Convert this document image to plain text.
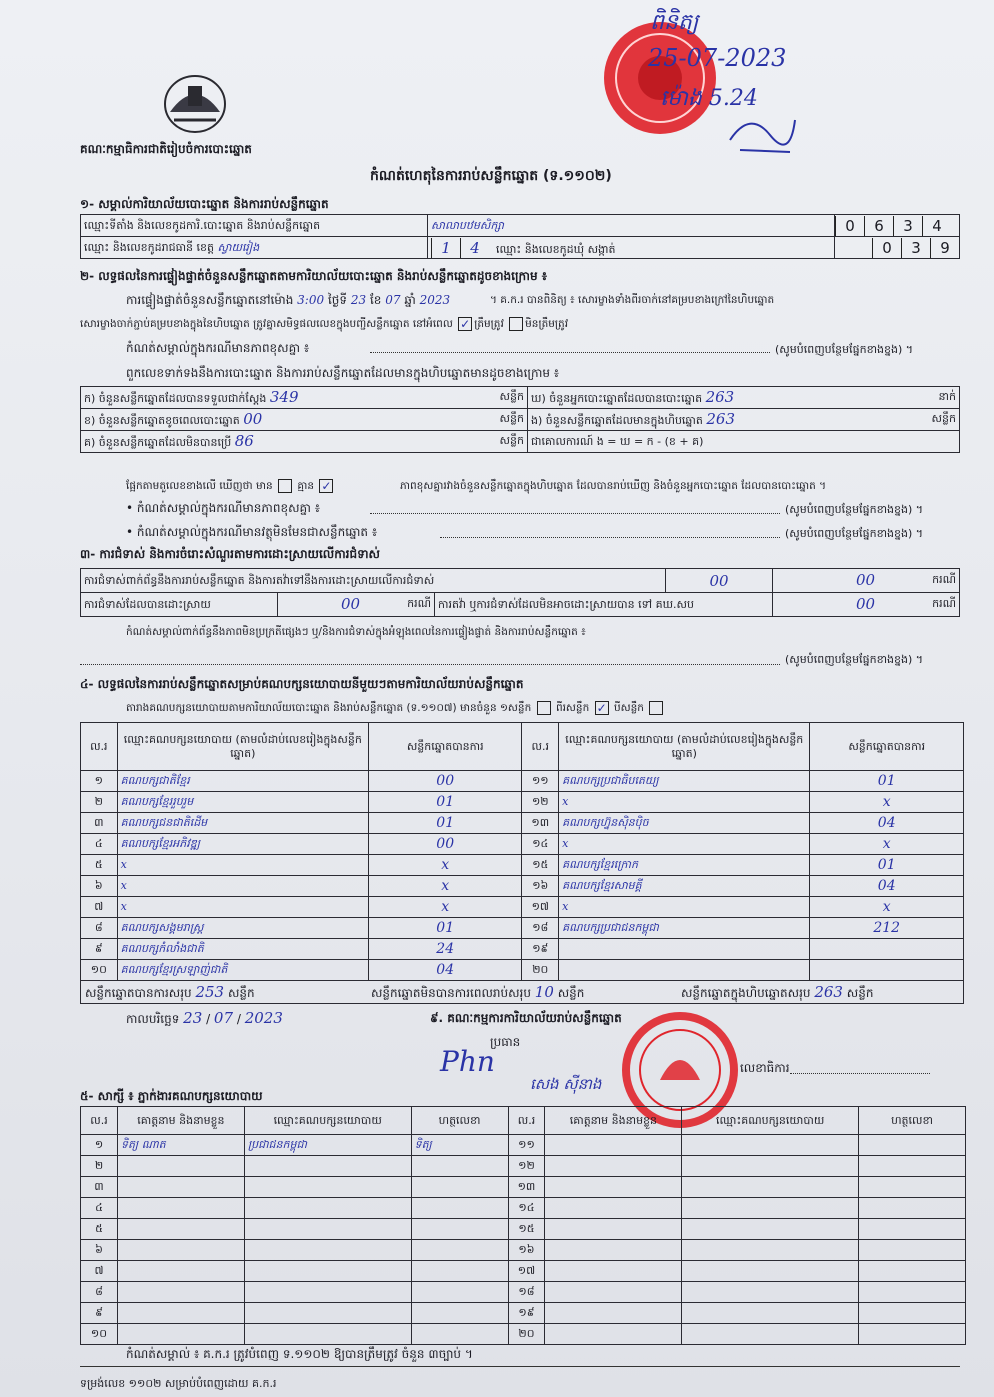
គណៈកម្មាធិការជាតិរៀបចំការបោះឆ្នោត
ពិនិត្យ
25-07-2023
ម៉ោង 5.24
កំណត់ហេតុនៃការរាប់សន្លឹកឆ្នោត (ទ.១១០២)
១- សម្គាល់ការិយាល័យបោះឆ្នោត និងការរាប់សន្លឹកឆ្នោត
ឈ្មោះទីតាំង និងលេខកូដការិ.បោះឆ្នោត និងរាប់សន្លឹកឆ្នោត	សាលាបឋមសិក្សា	0 6 3 4
ឈ្មោះ និងលេខកូដរាជធានី ខេត្ត ស្វាយរៀង	1 4 ឈ្មោះ និងលេខកូដឃុំ សង្កាត់	0 3 9
២- លទ្ធផលនៃការផ្ទៀងផ្ទាត់ចំនួនសន្លឹកឆ្នោតតាមការិយាល័យបោះឆ្នោត និងរាប់សន្លឹកឆ្នោតដូចខាងក្រោម ៖
ការផ្ទៀងផ្ទាត់ចំនួនសន្លឹកឆ្នោតនៅម៉ោង 3:00 ថ្ងៃទី 23 ខែ 07 ឆ្នាំ 2023	។ គ.ក.រ បានពិនិត្យ ៖ សោរម្ខាងទាំងពីរចាក់នៅគម្របខាងក្រៅនៃហិបឆ្នោត
សោរម្ខាងចាក់ភ្ជាប់គម្របខាងក្នុងនៃហិបឆ្នោត ត្រូវគ្នាសមិទ្ធផលលេខក្នុងបញ្ជីសន្លឹកឆ្នោត នៅអំពេល ✓ ត្រឹមត្រូវ មិនត្រឹមត្រូវ
កំណត់សម្គាល់ក្នុងករណីមានភាពខុសគ្នា ៖	(សូមបំពេញបន្ថែមផ្នែកខាងខ្នង) ។
ពួកលេខទាក់ទងនឹងការបោះឆ្នោត និងការរាប់សន្លឹកឆ្នោតដែលមានក្នុងហិបឆ្នោតមានដូចខាងក្រោម ៖
ក) ចំនួនសន្លឹកឆ្នោតដែលបានទទួលជាក់ស្តែង 349 សន្លឹក	ឃ) ចំនួនអ្នកបោះឆ្នោតដែលបានបោះឆ្នោត 263 នាក់

ខ) ចំនួនសន្លឹកឆ្នោតខូចពេលបោះឆ្នោត 00 សន្លឹក	ង) ចំនួនសន្លឹកឆ្នោតដែលមានក្នុងហិបឆ្នោត 263 សន្លឹក

គ) ចំនួនសន្លឹកឆ្នោតដែលមិនបានប្រើ 86 សន្លឹក	ជាគោលការណ៍ ង = ឃ = ក - (ខ + គ)
ផ្អែកតាមតួលេខខាងលើ ឃើញថា មាន គ្មាន ✓	ភាពខុសគ្នារវាងចំនួនសន្លឹកឆ្នោតក្នុងហិបឆ្នោត ដែលបានរាប់ឃើញ និងចំនួនអ្នកបោះឆ្នោត ដែលបានបោះឆ្នោត ។
• កំណត់សម្គាល់ក្នុងករណីមានភាពខុសគ្នា ៖	(សូមបំពេញបន្ថែមផ្នែកខាងខ្នង) ។
• កំណត់សម្គាល់ក្នុងករណីមានវត្ថុមិនមែនជាសន្លឹកឆ្នោត ៖	(សូមបំពេញបន្ថែមផ្នែកខាងខ្នង) ។
៣- ការជំទាស់ និងការចំរោះសំណួរតាមការដោះស្រាយលើការជំទាស់
ការជំទាស់ពាក់ព័ន្ធនឹងការរាប់សន្លឹកឆ្នោត និងការតវ៉ាទៅនឹងការដោះស្រាយលើការជំទាស់			00	00 ករណី

ការជំទាស់ដែលបានដោះស្រាយ	00 ករណី	ការតវ៉ា ឬការជំទាស់ដែលមិនអាចដោះស្រាយបាន ទៅ គឃ.សប		00 ករណី
កំណត់សម្គាល់ពាក់ព័ន្ធនឹងភាពមិនប្រក្រតីផ្សេងៗ ឬ/និងការជំទាស់ក្នុងអំឡុងពេលនៃការផ្ទៀងផ្ទាត់ និងការរាប់សន្លឹកឆ្នោត ៖
(សូមបំពេញបន្ថែមផ្នែកខាងខ្នង) ។
៤- លទ្ធផលនៃការរាប់សន្លឹកឆ្នោតសម្រាប់គណបក្សនយោបាយនីមួយៗតាមការិយាល័យរាប់សន្លឹកឆ្នោត
តារាងគណបក្សនយោបាយតាមការិយាល័យបោះឆ្នោត និងរាប់សន្លឹកឆ្នោត (ទ.១១០៧) មានចំនួន ១សន្លឹក ពីរសន្លឹក ✓ បីសន្លឹក
ល.រ	ឈ្មោះគណបក្សនយោបាយ (តាមលំដាប់លេខរៀងក្នុងសន្លឹកឆ្នោត)	សន្លឹកឆ្នោតបានការ	ល.រ	ឈ្មោះគណបក្សនយោបាយ (តាមលំដាប់លេខរៀងក្នុងសន្លឹកឆ្នោត)	សន្លឹកឆ្នោតបានការ
១	គណបក្សជាតិខ្មែរ	00	១១	គណបក្សប្រជាធិបតេយ្យ	01
២	គណបក្សខ្មែររួបរួម	01	១២	x	x
៣	គណបក្សជនជាតិដើម	01	១៣	គណបក្សហ្វ៊ុនស៊ិនប៉ិច	04
៤	គណបក្សខ្មែរអភិវឌ្ឍ	00	១៤	x	x
៥	x	x	១៥	គណបក្សខ្មែរក្រោក	01
៦	x	x	១៦	គណបក្សខ្មែរសាមគ្គី	04
៧	x	x	១៧	x	x
៨	គណបក្សសង្គមរាស្ត្រ	01	១៨	គណបក្សប្រជាជនកម្ពុជា	212
៩	គណបក្សកំលាំងជាតិ	24	១៩		
១០	គណបក្សខ្មែរស្រឡាញ់ជាតិ	04	២០		
សន្លឹកឆ្នោតបានការសរុប 253 សន្លឹក	សន្លឹកឆ្នោតមិនបានការពេលរាប់សរុប 10 សន្លឹក	សន្លឹកឆ្នោតក្នុងហិបឆ្នោតសរុប 263 សន្លឹក
កាលបរិច្ឆេទ 23 / 07 / 2023	៩. គណៈកម្មការការិយាល័យរាប់សន្លឹកឆ្នោត
ប្រធាន
Phn
សេង សុីនាង
លេខាធិការ
៥- សាក្សី ៖ ភ្នាក់ងារគណបក្សនយោបាយ
ល.រ	គោត្តនាម និងនាមខ្លួន	ឈ្មោះគណបក្សនយោបាយ	ហត្ថលេខា	ល.រ	គោត្តនាម និងនាមខ្លួន	ឈ្មោះគណបក្សនយោបាយ	ហត្ថលេខា
១	ទិត្យ ណាត	ប្រជាជនកម្ពុជា	ទិត្យ	១១			
២				១២			
៣				១៣			
៤				១៤			
៥				១៥			
៦				១៦			
៧				១៧			
៨				១៨			
៩				១៩			
១០				២០			
កំណត់សម្គាល់ ៖ គ.ក.រ ត្រូវបំពេញ ទ.១១០២ ឱ្យបានត្រឹមត្រូវ ចំនួន ៣ច្បាប់ ។
ទម្រង់លេខ ១១០២ សម្រាប់បំពេញដោយ គ.ក.រ
